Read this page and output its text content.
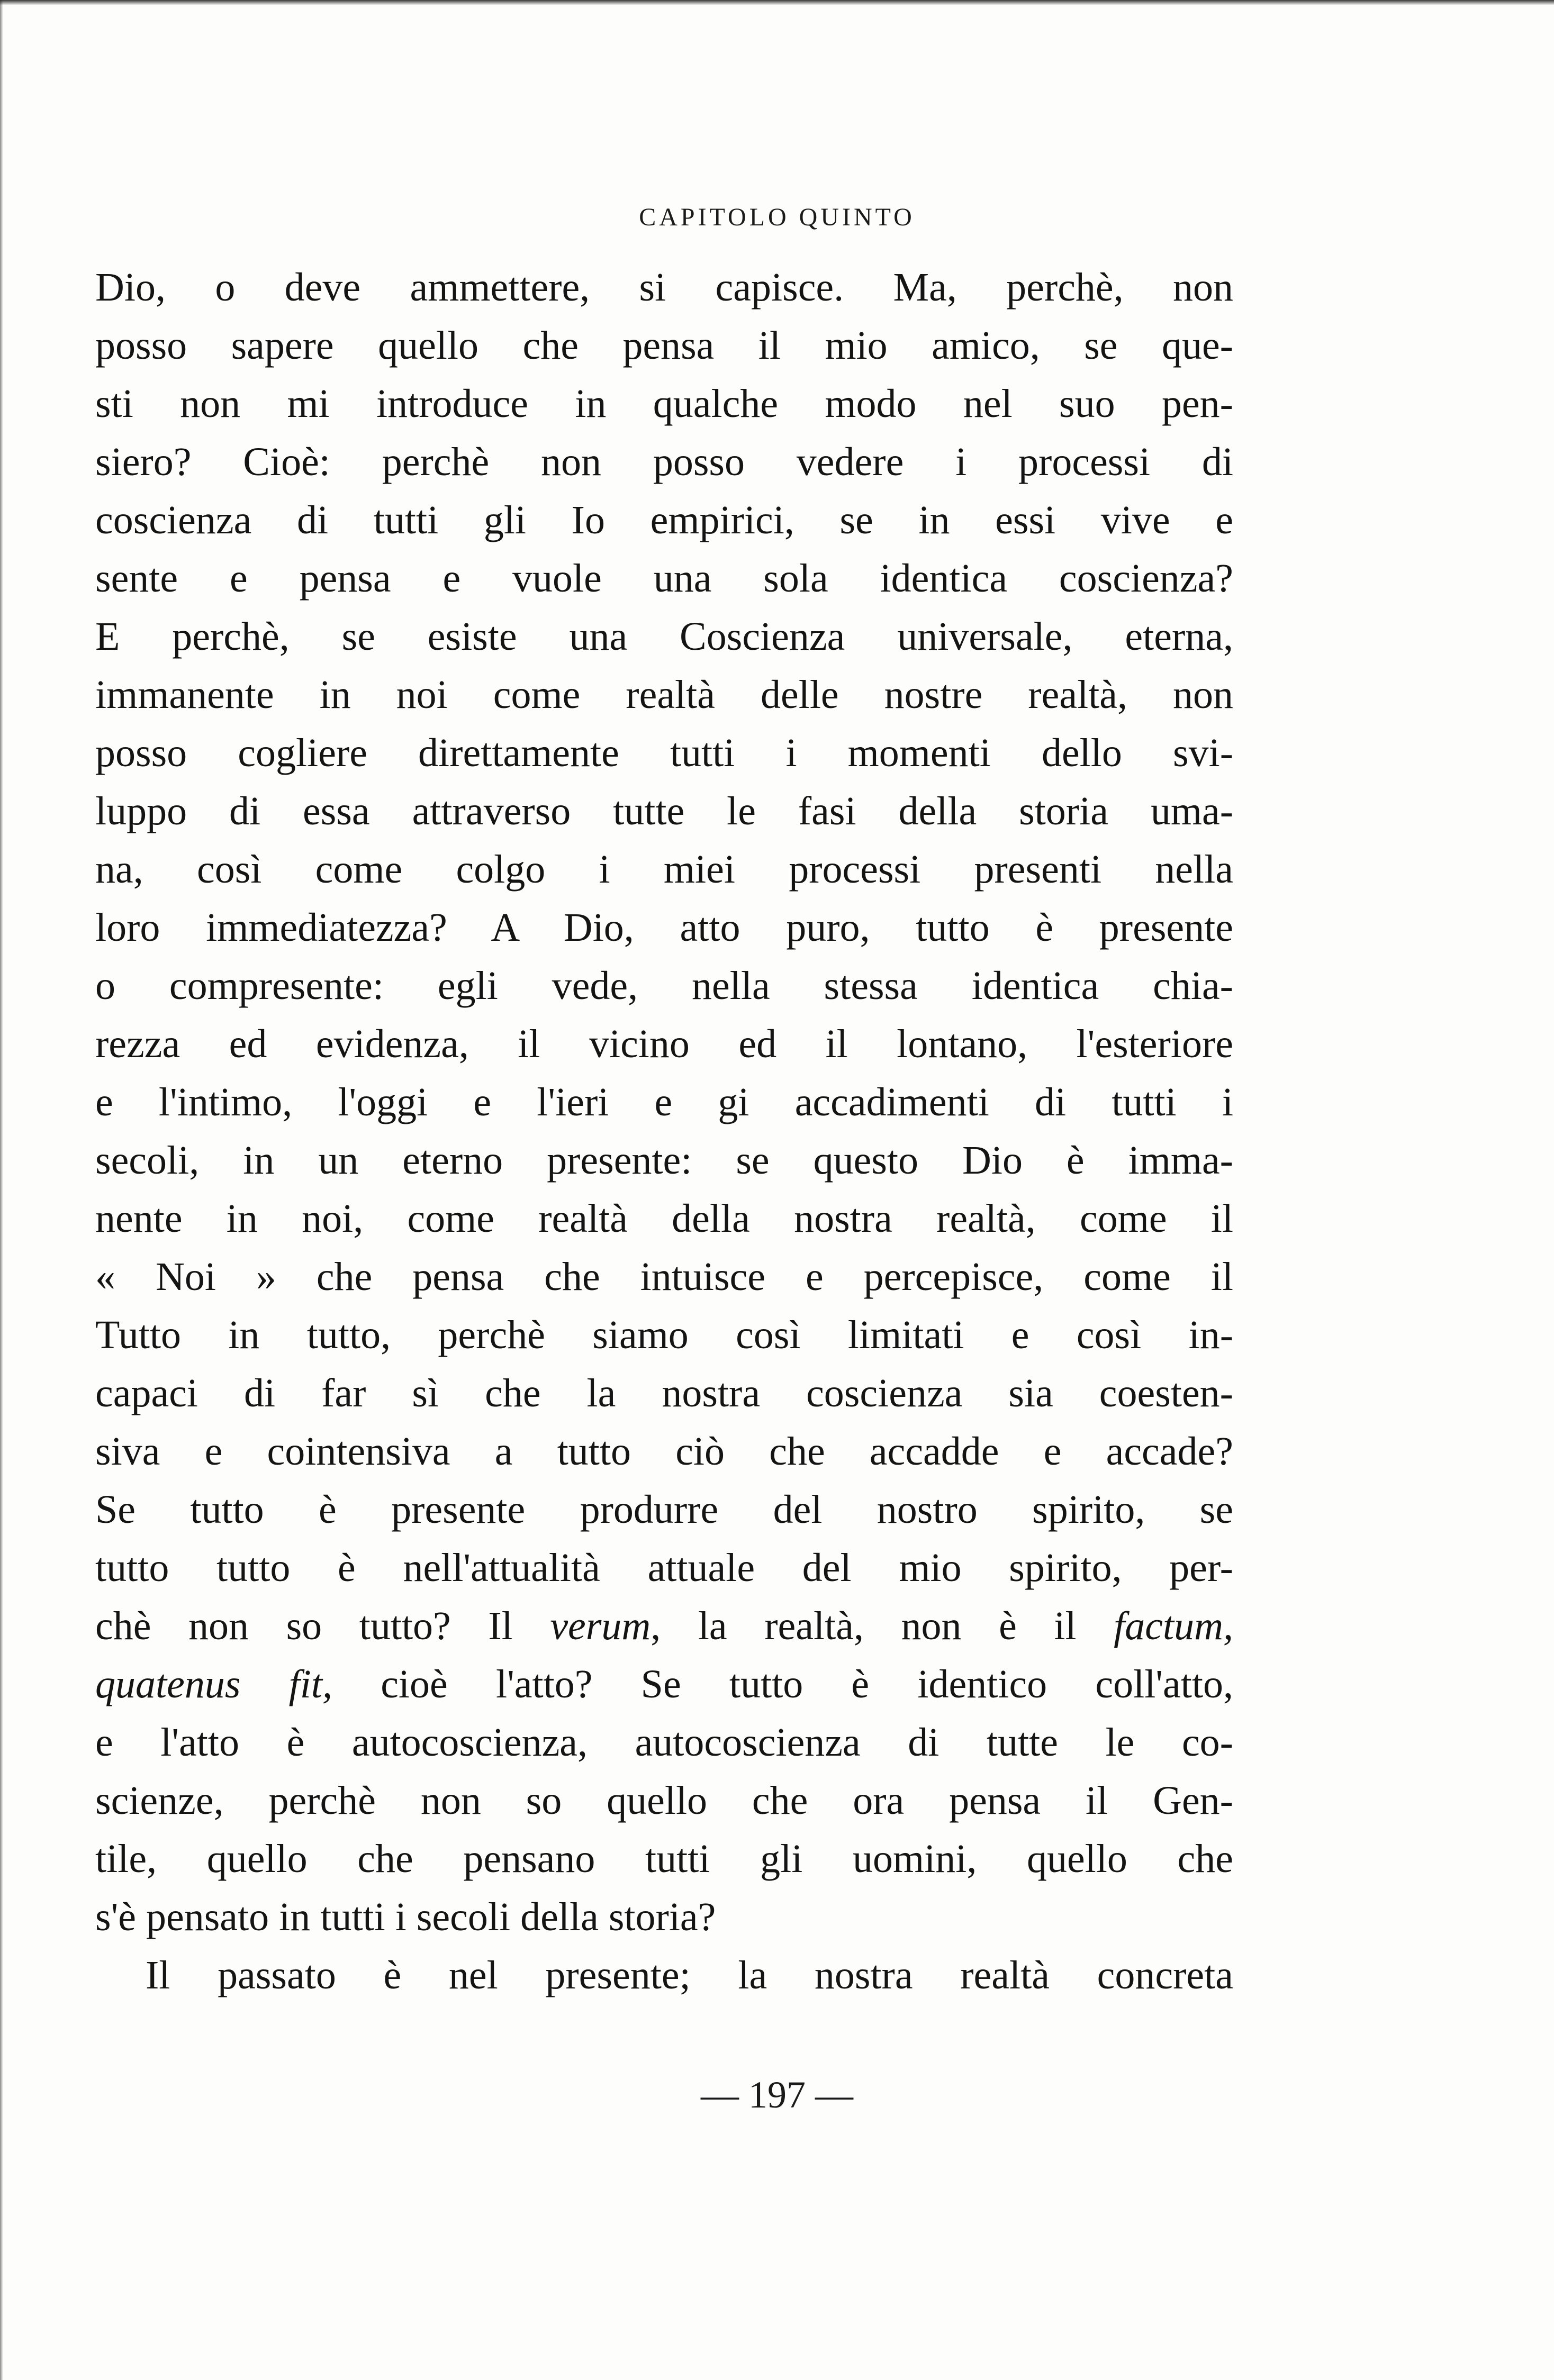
CAPITOLO QUINTO
Dio, o deve ammettere, si capisce. Ma, perchè, non
posso sapere quello che pensa il mio amico, se que-
sti non mi introduce in qualche modo nel suo pen-
siero? Cioè: perchè non posso vedere i processi di
coscienza di tutti gli Io empirici, se in essi vive e
sente e pensa e vuole una sola identica coscienza?
E perchè, se esiste una Coscienza universale, eterna,
immanente in noi come realtà delle nostre realtà, non
posso cogliere direttamente tutti i momenti dello svi-
luppo di essa attraverso tutte le fasi della storia uma-
na, così come colgo i miei processi presenti nella
loro immediatezza? A Dio, atto puro, tutto è presente
o compresente: egli vede, nella stessa identica chia-
rezza ed evidenza, il vicino ed il lontano, l'esteriore
e l'intimo, l'oggi e l'ieri e gi accadimenti di tutti i
secoli, in un eterno presente: se questo Dio è imma-
nente in noi, come realtà della nostra realtà, come il
« Noi » che pensa che intuisce e percepisce, come il
Tutto in tutto, perchè siamo così limitati e così in-
capaci di far sì che la nostra coscienza sia coesten-
siva e cointensiva a tutto ciò che accadde e accade?
Se tutto è presente produrre del nostro spirito, se
tutto tutto è nell'attualità attuale del mio spirito, per-
chè non so tutto? Il verum, la realtà, non è il factum,
quatenus fit, cioè l'atto? Se tutto è identico coll'atto,
e l'atto è autocoscienza, autocoscienza di tutte le co-
scienze, perchè non so quello che ora pensa il Gen-
tile, quello che pensano tutti gli uomini, quello che
s'è pensato in tutti i secoli della storia?
Il passato è nel presente; la nostra realtà concreta
— 197 —
